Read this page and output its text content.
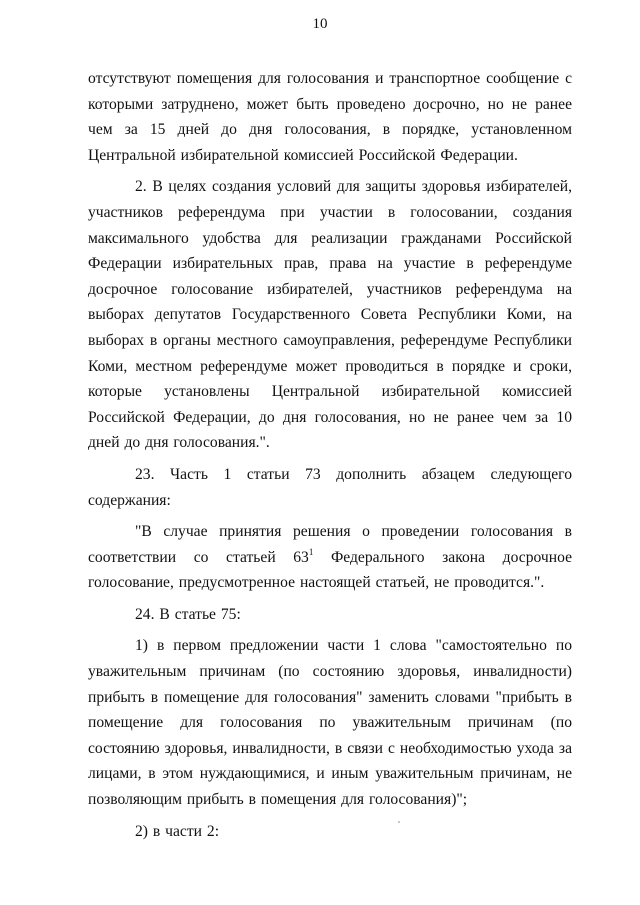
10

отсутствуют помещения для голосования и транспортное сообщение с которыми затруднено, может быть проведено досрочно, но не ранее чем за 15 дней до дня голосования, в порядке, установленном Центральной избирательной комиссией Российской Федерации.

2. В целях создания условий для защиты здоровья избирателей, участников референдума при участии в голосовании, создания максимального удобства для реализации гражданами Российской Федерации избирательных прав, права на участие в референдуме досрочное голосование избирателей, участников референдума на выборах депутатов Государственного Совета Республики Коми, на выборах в органы местного самоуправления, референдуме Республики Коми, местном референдуме может проводиться в порядке и сроки, которые установлены Центральной избирательной комиссией Российской Федерации, до дня голосования, но не ранее чем за 10 дней до дня голосования.".

23. Часть 1 статьи 73 дополнить абзацем следующего содержания:

"В случае принятия решения о проведении голосования в соответствии со статьей $63^1$ Федерального закона досрочное голосование, предусмотренное настоящей статьей, не проводится.".

24. В статье 75:

1) в первом предложении части 1 слова "самостоятельно по уважительным причинам (по состоянию здоровья, инвалидности) прибыть в помещение для голосования" заменить словами "прибыть в помещение для голосования по уважительным причинам (по состоянию здоровья, инвалидности, в связи с необходимостью ухода за лицами, в этом нуждающимися, и иным уважительным причинам, не позволяющим прибыть в помещения для голосования)";

2) в части 2:
